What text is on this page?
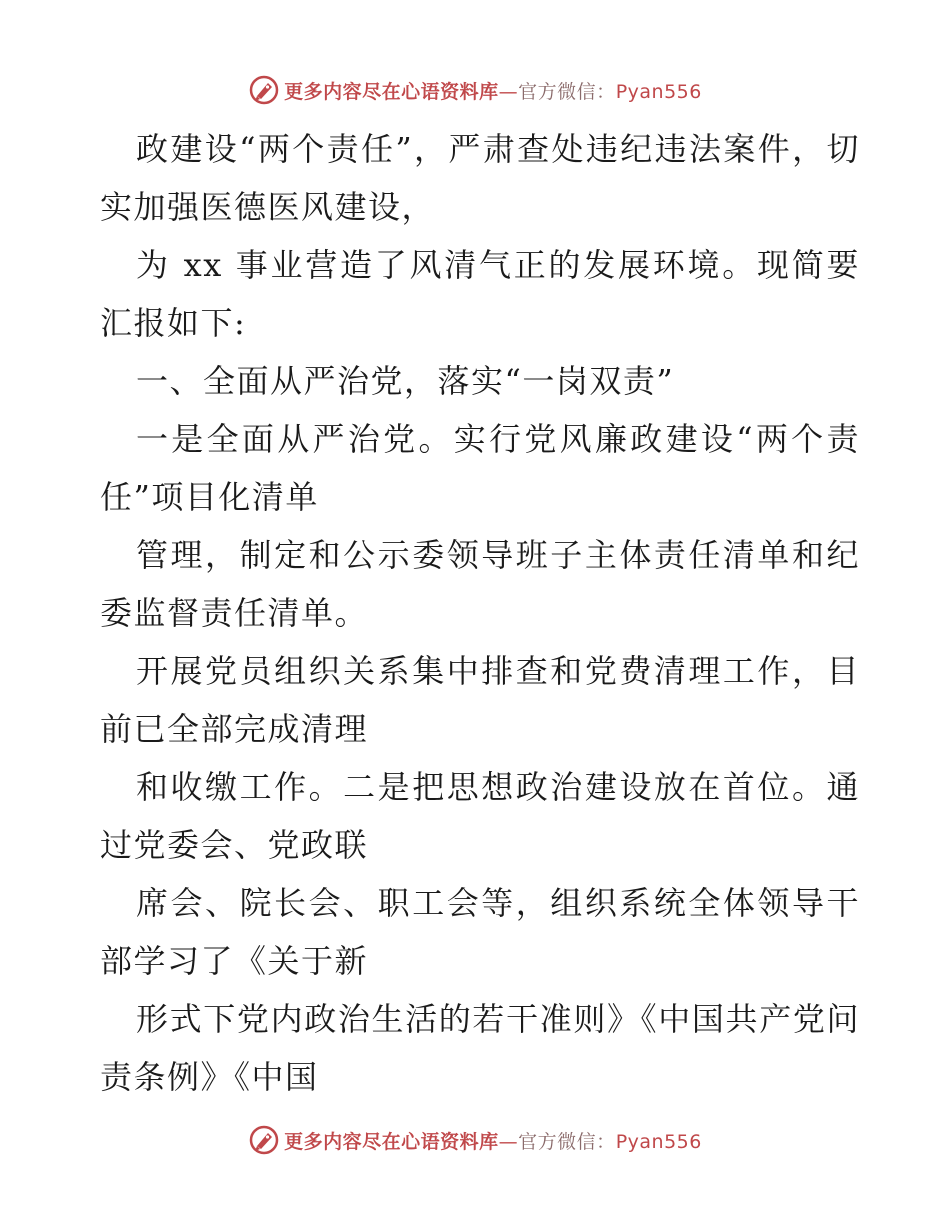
更多内容尽在心语资料库—官方微信：Pyan556

政建设“两个责任”，严肃查处违纪违法案件，切实加强医德医风建设，

为 xx 事业营造了风清气正的发展环境。现简要汇报如下:

一、全面从严治党，落实“一岗双责”

一是全面从严治党。实行党风廉政建设“两个责任”项目化清单

管理，制定和公示委领导班子主体责任清单和纪委监督责任清单。

开展党员组织关系集中排查和党费清理工作，目前已全部完成清理

和收缴工作。二是把思想政治建设放在首位。通过党委会、党政联

席会、院长会、职工会等，组织系统全体领导干部学习了《关于新

形式下党内政治生活的若干准则》《中国共产党问责条例》《中国

更多内容尽在心语资料库—官方微信：Pyan556
